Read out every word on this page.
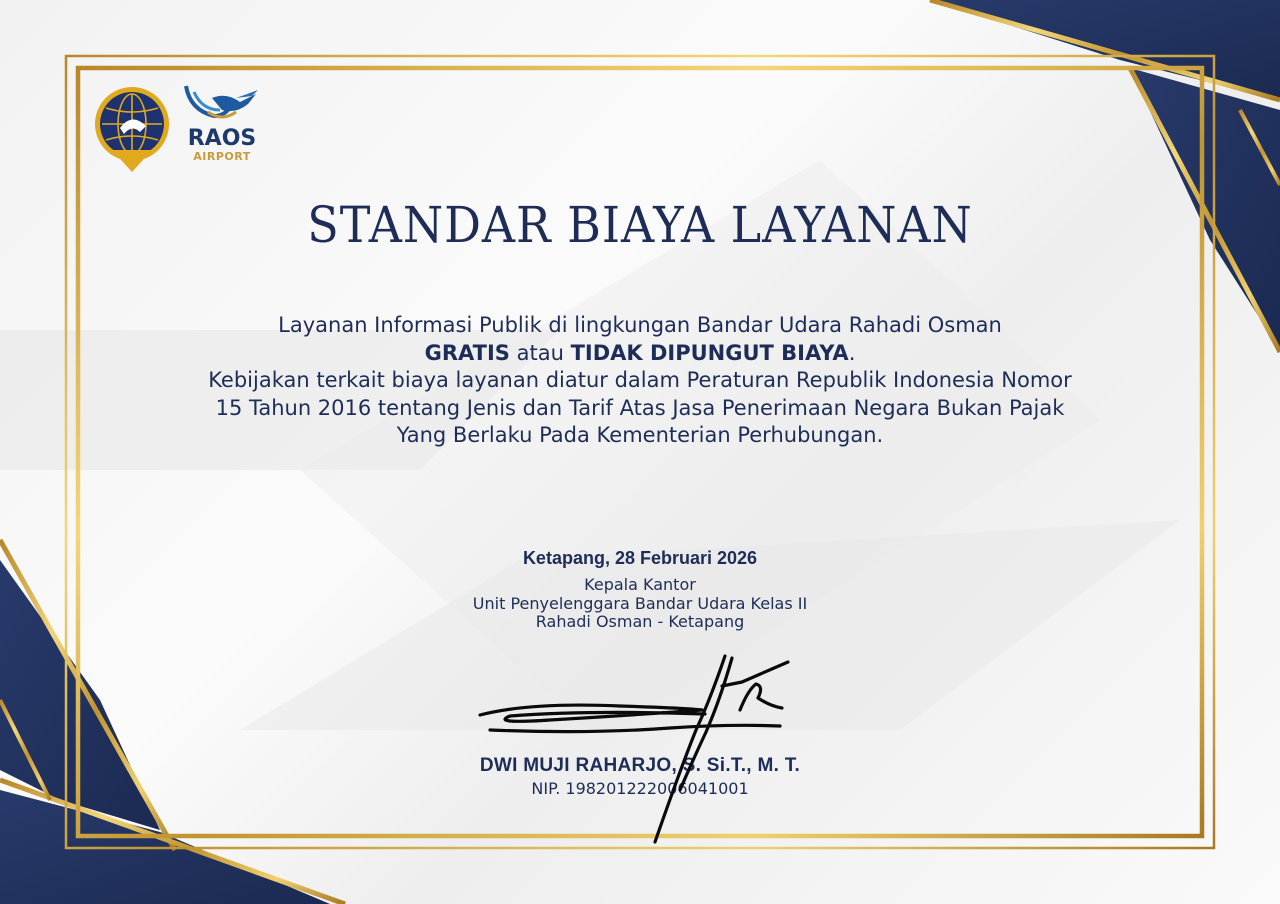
RAOS
AIRPORT
STANDAR BIAYA LAYANAN
Layanan Informasi Publik di lingkungan Bandar Udara Rahadi Osman
GRATIS atau TIDAK DIPUNGUT BIAYA.
Kebijakan terkait biaya layanan diatur dalam Peraturan Republik Indonesia Nomor 15 Tahun 2016 tentang Jenis dan Tarif Atas Jasa Penerimaan Negara Bukan Pajak Yang Berlaku Pada Kementerian Perhubungan.
Ketapang, 28 Februari 2026
Kepala Kantor
Unit Penyelenggara Bandar Udara Kelas II
Rahadi Osman - Ketapang
DWI MUJI RAHARJO, S. Si.T., M. T.
NIP. 198201222006041001
